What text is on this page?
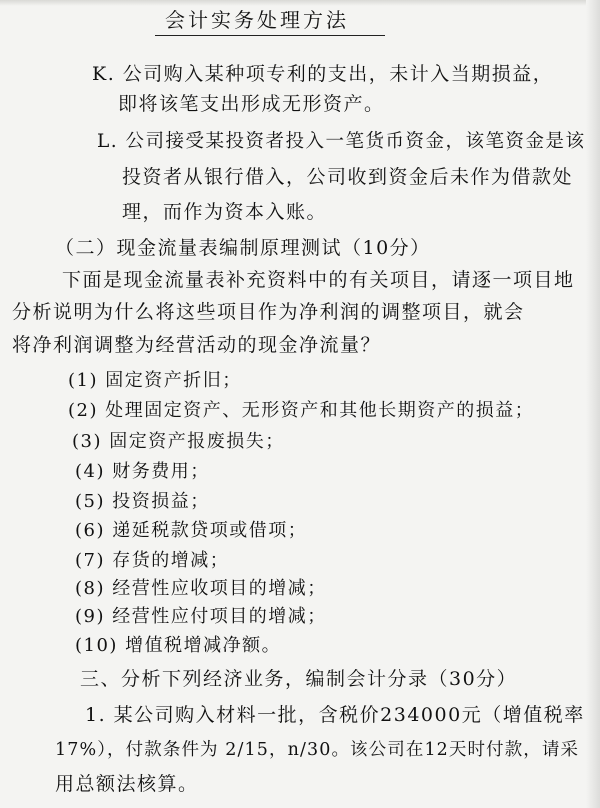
会计实务处理方法
K. 公司购入某种项专利的支出，未计入当期损益，
即将该笔支出形成无形资产。
L. 公司接受某投资者投入一笔货币资金，该笔资金是该
投资者从银行借入，公司收到资金后未作为借款处
理，而作为资本入账。
（二）现金流量表编制原理测试（10分）
下面是现金流量表补充资料中的有关项目，请逐一项目地
分析说明为什么将这些项目作为净利润的调整项目，就会
将净利润调整为经营活动的现金净流量？
(1) 固定资产折旧；
(2) 处理固定资产、无形资产和其他长期资产的损益；
(3) 固定资产报废损失；
(4) 财务费用；
(5) 投资损益；
(6) 递延税款贷项或借项；
(7) 存货的增减；
(8) 经营性应收项目的增减；
(9) 经营性应付项目的增减；
(10) 增值税增减净额。
三、分析下列经济业务，编制会计分录（30分）
1. 某公司购入材料一批，含税价234000元（增值税率
17%），付款条件为 2/15，n/30。该公司在12天时付款，请采
用总额法核算。
